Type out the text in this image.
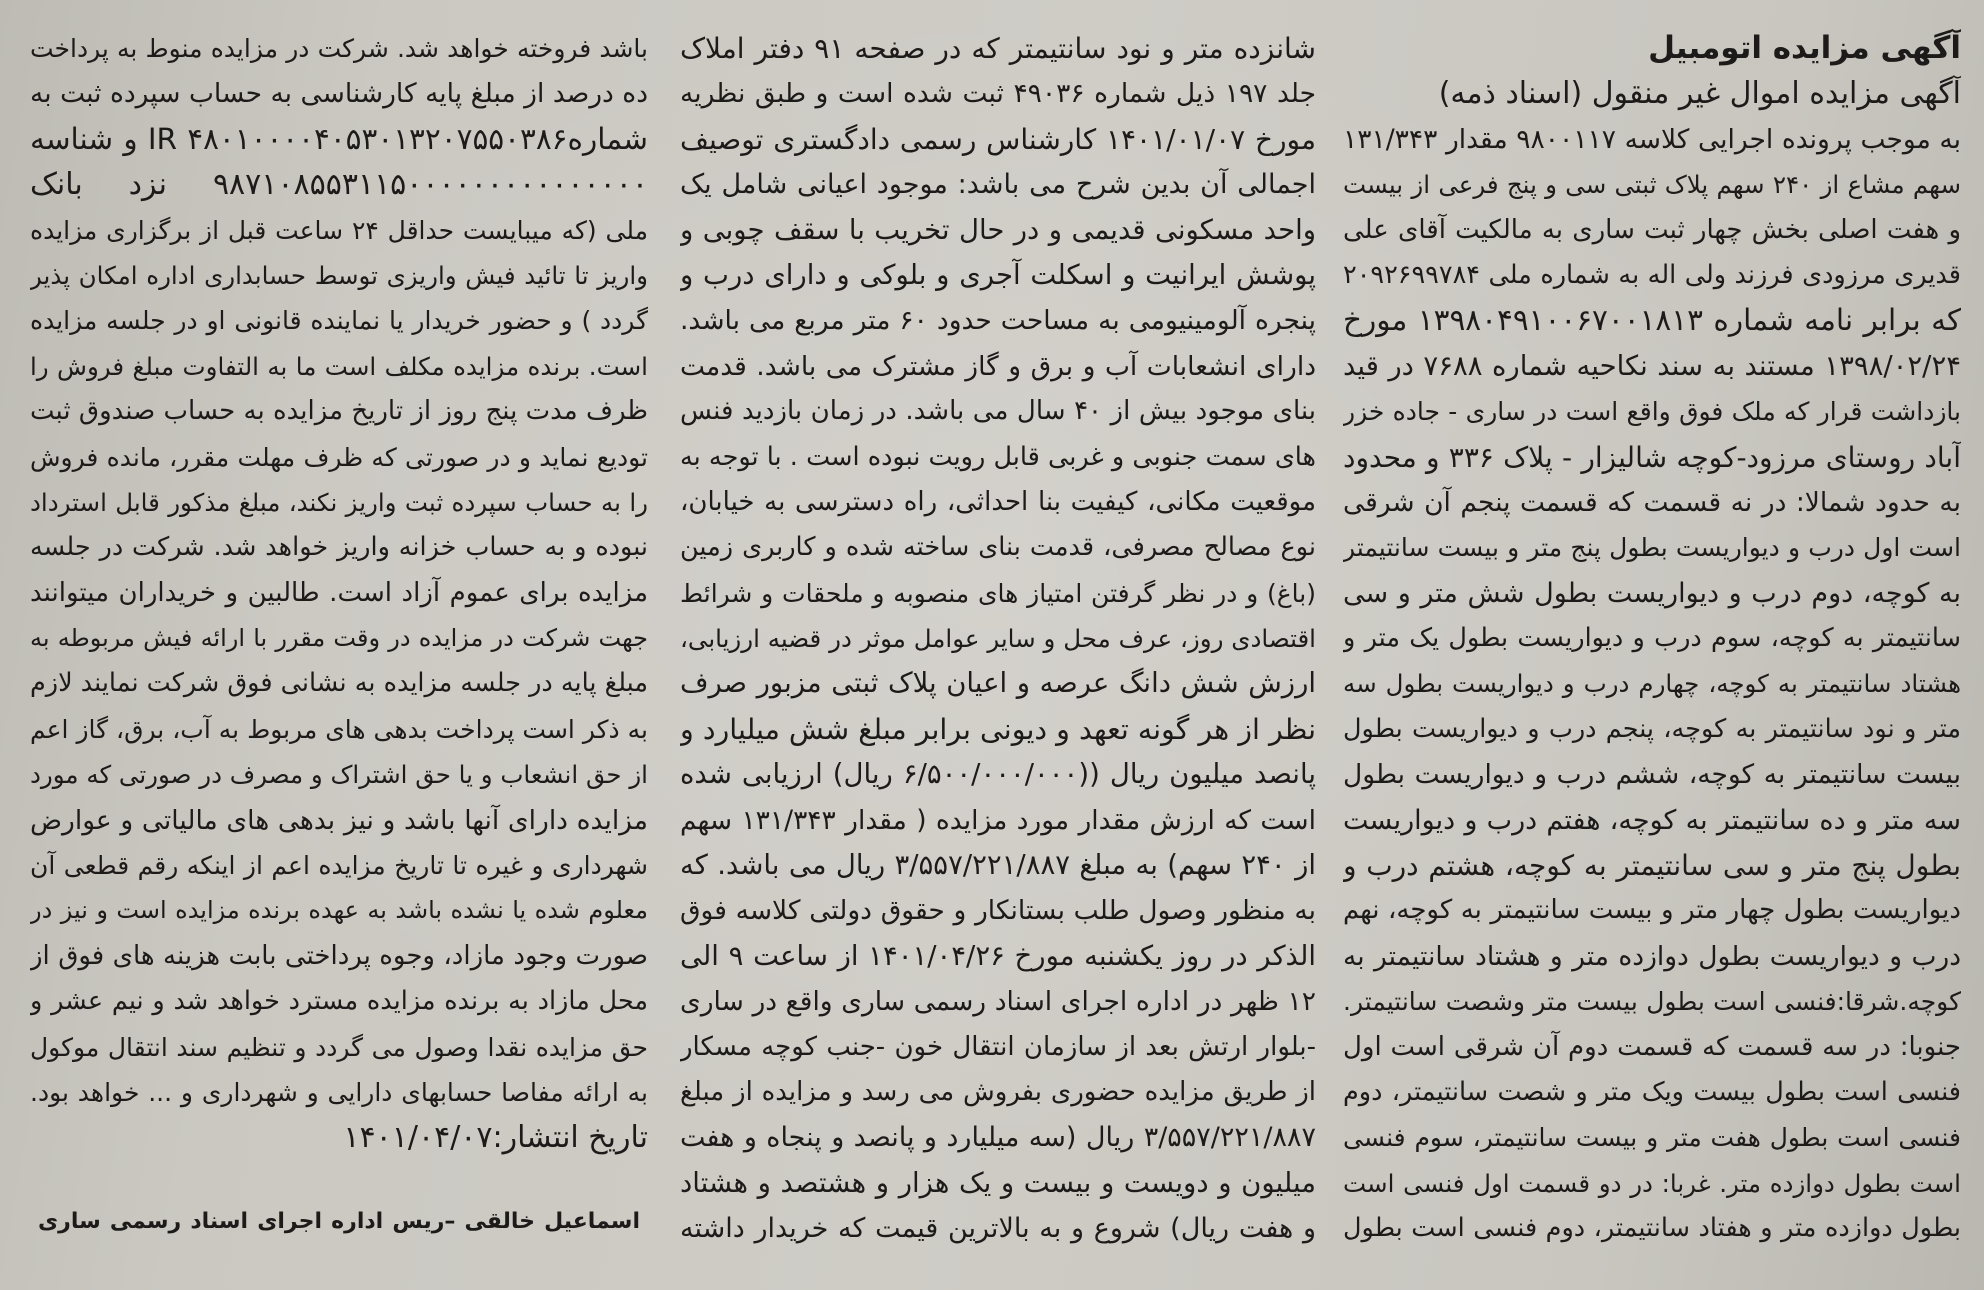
آگهی مزایده اتومبیل
آگهی مزایده اموال غیر منقول (اسناد ذمه)
به موجب پرونده اجرایی کلاسه ۹۸۰۰۱۱۷ مقدار ۱۳۱/۳۴۳
سهم مشاع از ۲۴۰ سهم پلاک ثبتی سی و پنج فرعی از بیست
و هفت اصلی بخش چهار ثبت ساری به مالکیت آقای علی
قدیری مرزودی فرزند ولی اله به شماره ملی ۲۰۹۲۶۹۹۷۸۴
که برابر نامه شماره ۱۳۹۸۰۴۹۱۰۰۶۷۰۰۱۸۱۳ مورخ
۱۳۹۸/۰۲/۲۴ مستند به سند نکاحیه شماره ۷۶۸۸ در قید
بازداشت قرار که ملک فوق واقع است در ساری - جاده خزر
آباد روستای مرزود-کوچه شالیزار - پلاک ۳۳۶ و محدود
به حدود شمالا: در نه قسمت که قسمت پنجم آن شرقی
است اول درب و دیواریست بطول پنج متر و بیست سانتیمتر
به کوچه، دوم درب و دیواریست بطول شش متر و سی
سانتیمتر به کوچه، سوم درب و دیواریست بطول یک متر و
هشتاد سانتیمتر به کوچه، چهارم درب و دیواریست بطول سه
متر و نود سانتیمتر به کوچه، پنجم درب و دیواریست بطول
بیست سانتیمتر به کوچه، ششم درب و دیواریست بطول
سه متر و ده سانتیمتر به کوچه، هفتم درب و دیواریست
بطول پنج متر و سی سانتیمتر به کوچه، هشتم درب و
دیواریست بطول چهار متر و بیست سانتیمتر به کوچه، نهم
درب و دیواریست بطول دوازده متر و هشتاد سانتیمتر به
کوچه.شرقا:فنسی است بطول بیست متر وشصت سانتیمتر.
جنوبا: در سه قسمت که قسمت دوم آن شرقی است اول
فنسی است بطول بیست ویک متر و شصت سانتیمتر، دوم
فنسی است بطول هفت متر و بیست سانتیمتر، سوم فنسی
است بطول دوازده متر. غربا: در دو قسمت اول فنسی است
بطول دوازده متر و هفتاد سانتیمتر، دوم فنسی است بطول
شانزده متر و نود سانتیمتر که در صفحه ۹۱ دفتر املاک
جلد ۱۹۷ ذیل شماره ۴۹۰۳۶ ثبت شده است و طبق نظریه
مورخ ۱۴۰۱/۰۱/۰۷ کارشناس رسمی دادگستری توصیف
اجمالی آن بدین شرح می باشد: موجود اعیانی شامل یک
واحد مسکونی قدیمی و در حال تخریب با سقف چوبی و
پوشش ایرانیت و اسکلت آجری و بلوکی و دارای درب و
پنجره آلومینیومی به مساحت حدود ۶۰ متر مربع می باشد.
دارای انشعابات آب و برق و گاز مشترک می باشد. قدمت
بنای موجود بیش از ۴۰ سال می باشد. در زمان بازدید فنس
های سمت جنوبی و غربی قابل رویت نبوده است . با توجه به
موقعیت مکانی، کیفیت بنا احداثی، راه دسترسی به خیابان،
نوع مصالح مصرفی، قدمت بنای ساخته شده و کاربری زمین
(باغ) و در نظر گرفتن امتیاز های منصوبه و ملحقات و شرائط
اقتصادی روز، عرف محل و سایر عوامل موثر در قضیه ارزیابی،
ارزش شش دانگ عرصه و اعیان پلاک ثبتی مزبور صرف
نظر از هر گونه تعهد و دیونی برابر مبلغ شش میلیارد و
پانصد میلیون ریال ((۶/۵۰۰/۰۰۰/۰۰۰ ریال) ارزیابی شده
است که ارزش مقدار مورد مزایده ( مقدار ۱۳۱/۳۴۳ سهم
از ۲۴۰ سهم) به مبلغ ۳/۵۵۷/۲۲۱/۸۸۷ ریال می باشد. که
به منظور وصول طلب بستانکار و حقوق دولتی کلاسه فوق
الذکر در روز یکشنبه مورخ ۱۴۰۱/۰۴/۲۶ از ساعت ۹ الی
۱۲ ظهر در اداره اجرای اسناد رسمی ساری واقع در ساری
-بلوار ارتش بعد از سازمان انتقال خون -جنب کوچه مسکار
از طریق مزایده حضوری بفروش می رسد و مزایده از مبلغ
۳/۵۵۷/۲۲۱/۸۸۷ ریال (سه میلیارد و پانصد و پنجاه و هفت
میلیون و دویست و بیست و یک هزار و هشتصد و هشتاد
و هفت ریال) شروع و به بالاترین قیمت که خریدار داشته
باشد فروخته خواهد شد. شرکت در مزایده منوط به پرداخت
ده درصد از مبلغ پایه کارشناسی به حساب سپرده ثبت به
شماره۴۸۰۱۰۰۰۰۴۰۵۳۰۱۳۲۰۷۵۵۰۳۸۶ IR و شناسه
۹۸۷۱۰۸۵۵۳۱۱۵۰۰۰۰۰۰۰۰۰۰۰۰۰۰۰ نزد بانک
ملی (که میبایست حداقل ۲۴ ساعت قبل از برگزاری مزایده
واریز تا تائید فیش واریزی توسط حسابداری اداره امکان پذیر
گردد ) و حضور خریدار یا نماینده قانونی او در جلسه مزایده
است. برنده مزایده مکلف است ما به التفاوت مبلغ فروش را
ظرف مدت پنج روز از تاریخ مزایده به حساب صندوق ثبت
تودیع نماید و در صورتی که ظرف مهلت مقرر، مانده فروش
را به حساب سپرده ثبت واریز نکند، مبلغ مذکور قابل استرداد
نبوده و به حساب خزانه واریز خواهد شد. شرکت در جلسه
مزایده برای عموم آزاد است. طالبین و خریداران میتوانند
جهت شرکت در مزایده در وقت مقرر با ارائه فیش مربوطه به
مبلغ پایه در جلسه مزایده به نشانی فوق شرکت نمایند لازم
به ذکر است پرداخت بدهی های مربوط به آب، برق، گاز اعم
از حق انشعاب و یا حق اشتراک و مصرف در صورتی که مورد
مزایده دارای آنها باشد و نیز بدهی های مالیاتی و عوارض
شهرداری و غیره تا تاریخ مزایده اعم از اینکه رقم قطعی آن
معلوم شده یا نشده باشد به عهده برنده مزایده است و نیز در
صورت وجود مازاد، وجوه پرداختی بابت هزینه های فوق از
محل مازاد به برنده مزایده مسترد خواهد شد و نیم عشر و
حق مزایده نقدا وصول می گردد و تنظیم سند انتقال موکول
به ارائه مفاصا حسابهای دارایی و شهرداری و ... خواهد بود.
تاریخ انتشار:۱۴۰۱/۰۴/۰۷
اسماعیل خالقی –ریس اداره اجرای اسناد رسمی ساری
